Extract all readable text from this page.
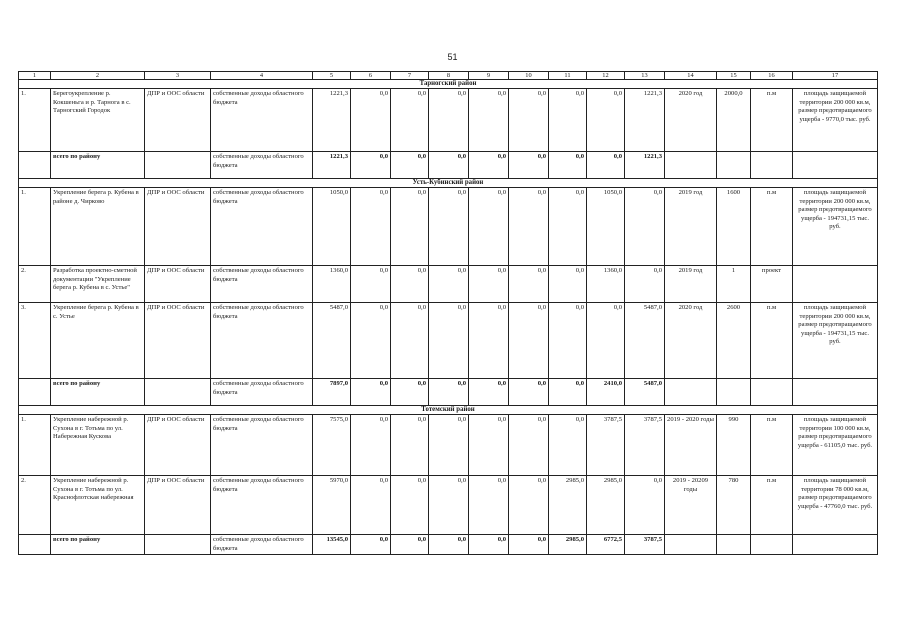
51
1	2	3	4	5	6	7	8	9	10	11	12	13	14	15	16	17
Тарногский район																
1.	Берегоукрепление р. Кокшеньга и р. Тарнога в с. Тарногский Городок	ДПР и ООС области	собственные доходы областного бюджета	1221,3	0,0	0,0	0,0	0,0	0,0	0,0	0,0	1221,3	2020 год	2000,0	п.м	площадь защищаемой территории 200 000 кв.м, размер предотвращаемого ущерба - 9770,0 тыс. руб.
	всего по району		собственные доходы областного бюджета	1221,3	0,0	0,0	0,0	0,0	0,0	0,0	0,0	1221,3				
Усть-Кубинский район																
1.	Укрепление берега р. Кубена в районе д. Чирково	ДПР и ООС области	собственные доходы областного бюджета	1050,0	0,0	0,0	0,0	0,0	0,0	0,0	1050,0	0,0	2019 год	1600	п.м	площадь защищаемой территории 200 000 кв.м, размер предотвращаемого ущерба - 194731,15 тыс. руб.
2.	Разработка проектно-сметной документации "Укрепление берега р. Кубена в с. Устье"	ДПР и ООС области	собственные доходы областного бюджета	1360,0	0,0	0,0	0,0	0,0	0,0	0,0	1360,0	0,0	2019 год	1	проект	
3.	Укрепление берега р. Кубена в с. Устье	ДПР и ООС области	собственные доходы областного бюджета	5487,0	0,0	0,0	0,0	0,0	0,0	0,0	0,0	5487,0	2020 год	2600	п.м	площадь защищаемой территории 200 000 кв.м, размер предотвращаемого ущерба - 194731,15 тыс. руб.
	всего по району		собственные доходы областного бюджета	7897,0	0,0	0,0	0,0	0,0	0,0	0,0	2410,0	5487,0				
Тотемский район																
1.	Укрепление набережной р. Сухона в г. Тотьма по ул. Набережная Кускова	ДПР и ООС области	собственные доходы областного бюджета	7575,0	0,0	0,0	0,0	0,0	0,0	0,0	3787,5	3787,5	2019 - 2020 годы	990	п.м	площадь защищаемой территории 100 000 кв.м, размер предотвращаемого ущерба - 61105,0 тыс. руб.
2.	Укрепление набережной р. Сухона в г. Тотьма по ул. Краснофлотская набережная	ДПР и ООС области	собственные доходы областного бюджета	5970,0	0,0	0,0	0,0	0,0	0,0	2985,0	2985,0	0,0	2019 - 20209 годы	780	п.м	площадь защищаемой территории 78 000 кв.м, размер предотвращаемого ущерба - 47760,0 тыс. руб.
	всего по району		собственные доходы областного бюджета	13545,0	0,0	0,0	0,0	0,0	0,0	2985,0	6772,5	3787,5				
